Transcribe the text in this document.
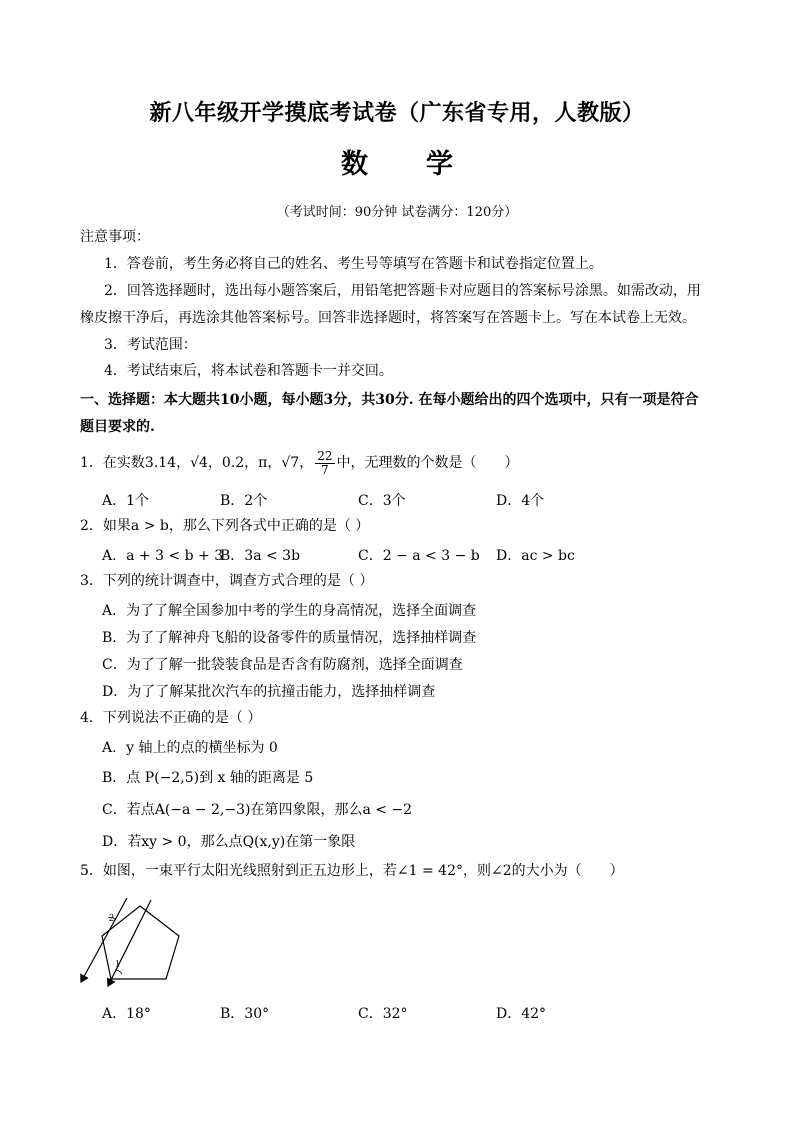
新八年级开学摸底考试卷（广东省专用，人教版）
数学
（考试时间：90分钟 试卷满分：120分）
注意事项：
1．答卷前，考生务必将自己的姓名、考生号等填写在答题卡和试卷指定位置上。
2．回答选择题时，选出每小题答案后，用铅笔把答题卡对应题目的答案标号涂黑。如需改动，用
橡皮擦干净后，再选涂其他答案标号。回答非选择题时，将答案写在答题卡上。写在本试卷上无效。
3．考试范围：
4．考试结束后，将本试卷和答题卡一并交回。
一、选择题：本大题共10小题，每小题3分，共30分. 在每小题给出的四个选项中，只有一项是符合
题目要求的.
1．在实数3.14，√4，0.2，π，√7， $\frac{22}{7}$ 中，无理数的个数是（　　）
A．1个	B．2个	C．3个	D．4个
2．如果a > b，那么下列各式中正确的是（ ）
A．a + 3 < b + 3
B．3a < 3b	C．2 − a < 3 − b D．ac > bc
3．下列的统计调查中，调查方式合理的是（ ）
A．为了了解全国参加中考的学生的身高情况，选择全面调查
B．为了了解神舟飞船的设备零件的质量情况，选择抽样调查
C．为了了解一批袋装食品是否含有防腐剂，选择全面调查
D．为了了解某批次汽车的抗撞击能力，选择抽样调查
4．下列说法不正确的是（ ）
A．y 轴上的点的横坐标为 0
B．点 P(−2,5)到 x 轴的距离是 5
C．若点A(−a − 2,−3)在第四象限，那么a < −2
D．若xy > 0，那么点Q(x,y)在第一象限
5．如图，一束平行太阳光线照射到正五边形上，若∠1 = 42°，则∠2的大小为（　　）
2
1
A．18°	B．30°	C．32°	D．42°
